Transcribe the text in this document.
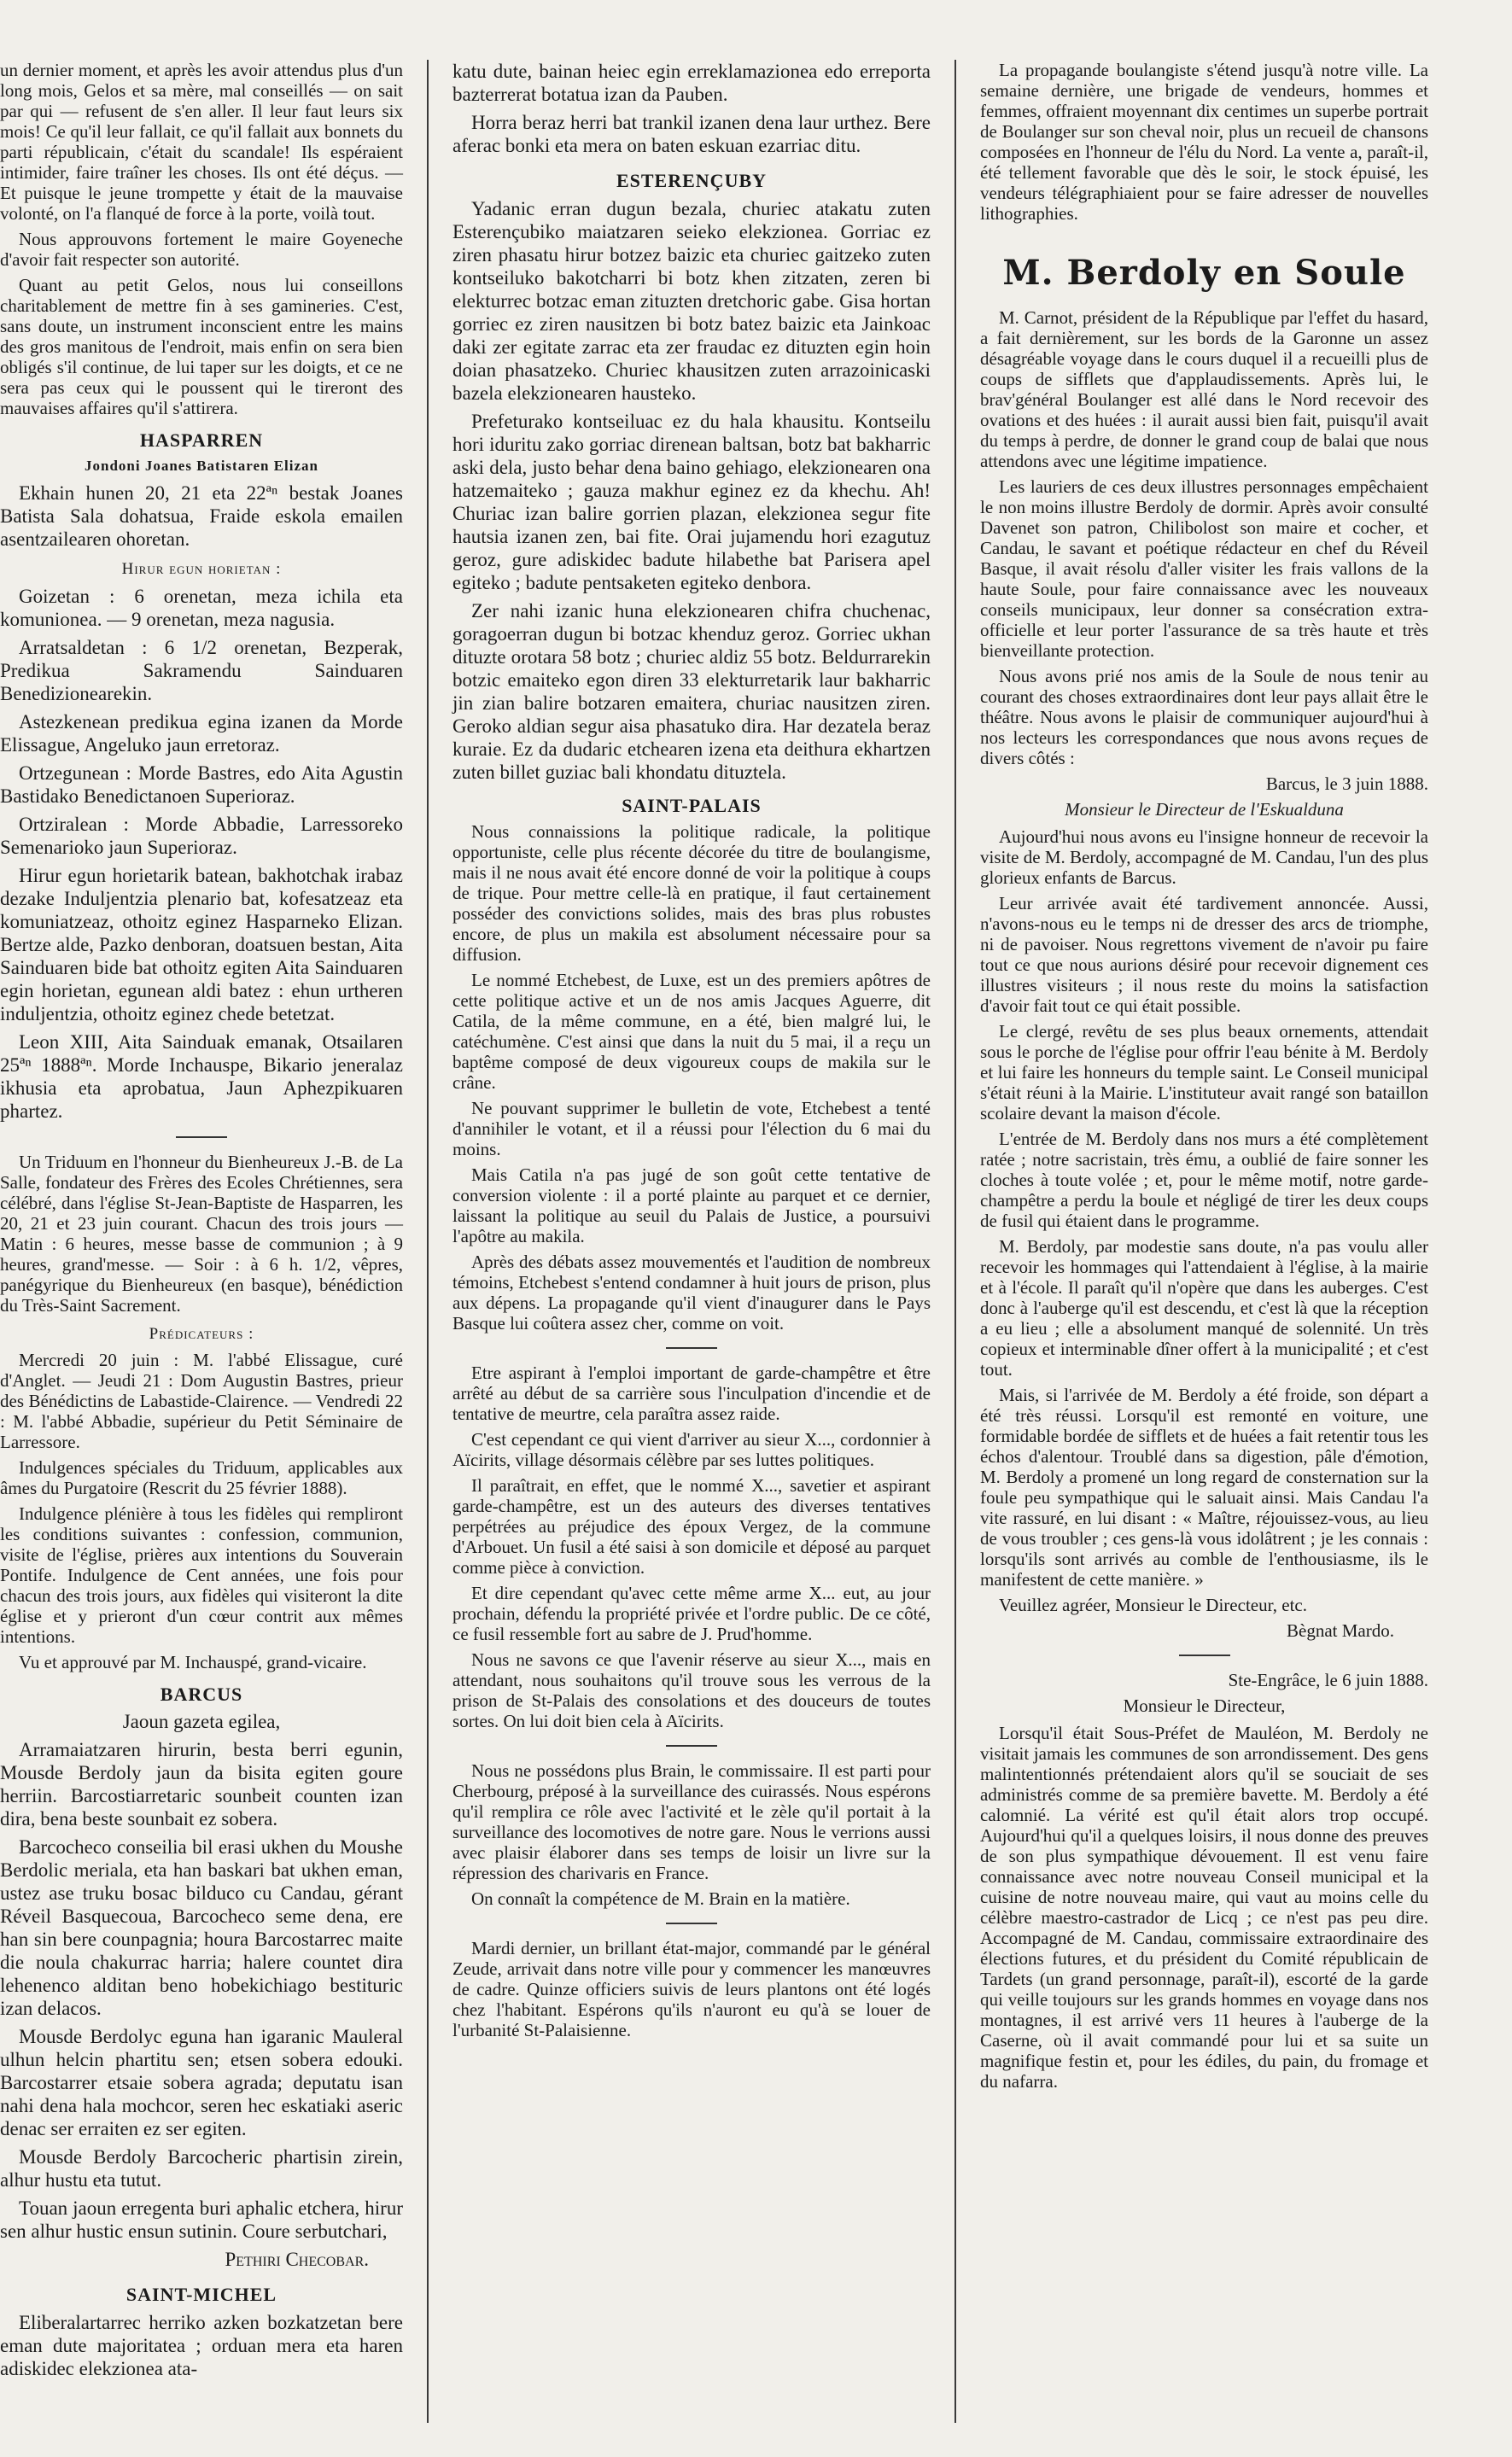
un dernier moment, et après les avoir attendus plus d'un long mois, Gelos et sa mère, mal conseillés — on sait par qui — refusent de s'en aller. Il leur faut leurs six mois! Ce qu'il leur fallait, ce qu'il fallait aux bonnets du parti républicain, c'était du scandale! Ils espéraient intimider, faire traîner les choses. Ils ont été déçus. — Et puisque le jeune trompette y était de la mauvaise volonté, on l'a flanqué de force à la porte, voilà tout.

Nous approuvons fortement le maire Goyeneche d'avoir fait respecter son autorité.

Quant au petit Gelos, nous lui conseillons charitablement de mettre fin à ses gamineries. C'est, sans doute, un instrument inconscient entre les mains des gros manitous de l'endroit, mais enfin on sera bien obligés s'il continue, de lui taper sur les doigts, et ce ne sera pas ceux qui le poussent qui le tireront des mauvaises affaires qu'il s'attirera.

HASPARREN
Jondoni Joanes Batistaren Elizan

Ekhain hunen 20, 21 eta 22ªⁿ bestak Joanes Batista Sala dohatsua, Fraide eskola emailen asentzailearen ohoretan.

Hirur egun horietan :

Goizetan : 6 orenetan, meza ichila eta komunionea. — 9 orenetan, meza nagusia.

Arratsaldetan : 6 1/2 orenetan, Bezperak, Predikua Sakramendu Sainduaren Benedizionearekin.

Astezkenean predikua egina izanen da Morde Elissague, Angeluko jaun erretoraz.

Ortzegunean : Morde Bastres, edo Aita Agustin Bastidako Benedictanoen Superioraz.

Ortziralean : Morde Abbadie, Larressoreko Semenarioko jaun Superioraz.

Hirur egun horietarik batean, bakhotchak irabaz dezake Induljentzia plenario bat, kofesatzeaz eta komuniatzeaz, othoitz eginez Hasparneko Elizan. Bertze alde, Pazko denboran, doatsuen bestan, Aita Sainduaren bide bat othoitz egiten Aita Sainduaren egin horietan, egunean aldi batez : ehun urtheren induljentzia, othoitz eginez chede betetzat.

Leon XIII, Aita Sainduak emanak, Otsailaren 25ªⁿ 1888ªⁿ. Morde Inchauspe, Bikario jeneralaz ikhusia eta aprobatua, Jaun Aphezpikuaren phartez.

Un Triduum en l'honneur du Bienheureux J.-B. de La Salle, fondateur des Frères des Ecoles Chrétiennes, sera célébré, dans l'église St-Jean-Baptiste de Hasparren, les 20, 21 et 23 juin courant. Chacun des trois jours — Matin : 6 heures, messe basse de communion ; à 9 heures, grand'messe. — Soir : à 6 h. 1/2, vêpres, panégyrique du Bienheureux (en basque), bénédiction du Très-Saint Sacrement.

Prédicateurs :

Mercredi 20 juin : M. l'abbé Elissague, curé d'Anglet. — Jeudi 21 : Dom Augustin Bastres, prieur des Bénédictins de Labastide-Clairence. — Vendredi 22 : M. l'abbé Abbadie, supérieur du Petit Séminaire de Larressore.

Indulgences spéciales du Triduum, applicables aux âmes du Purgatoire (Rescrit du 25 février 1888).

Indulgence plénière à tous les fidèles qui rempliront les conditions suivantes : confession, communion, visite de l'église, prières aux intentions du Souverain Pontife. Indulgence de Cent années, une fois pour chacun des trois jours, aux fidèles qui visiteront la dite église et y prieront d'un cœur contrit aux mêmes intentions.

Vu et approuvé par M. Inchauspé, grand-vicaire.

BARCUS

Jaoun gazeta egilea,

Arramaiatzaren hirurin, besta berri egunin, Mousde Berdoly jaun da bisita egiten goure herriin. Barcostiarretaric sounbeit counten izan dira, bena beste sounbait ez sobera.

Barcocheco conseilia bil erasi ukhen du Moushe Berdolic meriala, eta han baskari bat ukhen eman, ustez ase truku bosac bilduco cu Candau, gérant Réveil Basquecoua, Barcocheco seme dena, ere han sin bere counpagnia; houra Barcostarrec maite die noula chakurrac harria; halere countet dira lehenenco alditan beno hobekichiago bestituric izan delacos.

Mousde Berdolyc eguna han igaranic Mauleral ulhun helcin phartitu sen; etsen sobera edouki. Barcostarrer etsaie sobera agrada; deputatu isan nahi dena hala mochcor, seren hec eskatiaki aseric denac ser erraiten ez ser egiten.

Mousde Berdoly Barcocheric phartisin zirein, alhur hustu eta tutut.

Touan jaoun erregenta buri aphalic etchera, hirur sen alhur hustic ensun sutinin. Coure serbutchari,

Pethiri Checobar.
SAINT-MICHEL

Eliberalartarrec herriko azken bozkatzetan bere eman dute majoritatea ; orduan mera eta haren adiskidec elekzionea ata-

katu dute, bainan heiec egin erreklamazionea edo erreporta bazterrerat botatua izan da Pauben.

Horra beraz herri bat trankil izanen dena laur urthez. Bere aferac bonki eta mera on baten eskuan ezarriac ditu.

ESTERENÇUBY

Yadanic erran dugun bezala, churiec atakatu zuten Esterençubiko maiatzaren seieko elekzionea. Gorriac ez ziren phasatu hirur botzez baizic eta churiec gaitzeko zuten kontseiluko bakotcharri bi botz khen zitzaten, zeren bi elekturrec botzac eman zituzten dretchoric gabe. Gisa hortan gorriec ez ziren nausitzen bi botz batez baizic eta Jainkoac daki zer egitate zarrac eta zer fraudac ez dituzten egin hoin doian phasatzeko. Churiec khausitzen zuten arrazoinicaski bazela elekzionearen hausteko.

Prefeturako kontseiluac ez du hala khausitu. Kontseilu hori iduritu zako gorriac direnean baltsan, botz bat bakharric aski dela, justo behar dena baino gehiago, elekzionearen ona hatzemaiteko ; gauza makhur eginez ez da khechu. Ah! Churiac izan balire gorrien plazan, elekzionea segur fite hautsia izanen zen, bai fite. Orai jujamendu hori ezagutuz geroz, gure adiskidec badute hilabethe bat Parisera apel egiteko ; badute pentsaketen egiteko denbora.

Zer nahi izanic huna elekzionearen chifra chuchenac, goragoerran dugun bi botzac khenduz geroz. Gorriec ukhan dituzte orotara 58 botz ; churiec aldiz 55 botz. Beldurrarekin botzic emaiteko egon diren 33 elekturretarik laur bakharric jin zian balire botzaren emaitera, churiac nausitzen ziren. Geroko aldian segur aisa phasatuko dira. Har dezatela beraz kuraie. Ez da dudaric etchearen izena eta deithura ekhartzen zuten billet guziac bali khondatu dituztela.

SAINT-PALAIS

Nous connaissions la politique radicale, la politique opportuniste, celle plus récente décorée du titre de boulangisme, mais il ne nous avait été encore donné de voir la politique à coups de trique. Pour mettre celle-là en pratique, il faut certainement posséder des convictions solides, mais des bras plus robustes encore, de plus un makila est absolument nécessaire pour sa diffusion.

Le nommé Etchebest, de Luxe, est un des premiers apôtres de cette politique active et un de nos amis Jacques Aguerre, dit Catila, de la même commune, en a été, bien malgré lui, le catéchumène. C'est ainsi que dans la nuit du 5 mai, il a reçu un baptême composé de deux vigoureux coups de makila sur le crâne.

Ne pouvant supprimer le bulletin de vote, Etchebest a tenté d'annihiler le votant, et il a réussi pour l'élection du 6 mai du moins.

Mais Catila n'a pas jugé de son goût cette tentative de conversion violente : il a porté plainte au parquet et ce dernier, laissant la politique au seuil du Palais de Justice, a poursuivi l'apôtre au makila.

Après des débats assez mouvementés et l'audition de nombreux témoins, Etchebest s'entend condamner à huit jours de prison, plus aux dépens. La propagande qu'il vient d'inaugurer dans le Pays Basque lui coûtera assez cher, comme on voit.

Etre aspirant à l'emploi important de garde-champêtre et être arrêté au début de sa carrière sous l'inculpation d'incendie et de tentative de meurtre, cela paraîtra assez raide.

C'est cependant ce qui vient d'arriver au sieur X..., cordonnier à Aïcirits, village désormais célèbre par ses luttes politiques.

Il paraîtrait, en effet, que le nommé X..., savetier et aspirant garde-champêtre, est un des auteurs des diverses tentatives perpétrées au préjudice des époux Vergez, de la commune d'Arbouet. Un fusil a été saisi à son domicile et déposé au parquet comme pièce à conviction.

Et dire cependant qu'avec cette même arme X... eut, au jour prochain, défendu la propriété privée et l'ordre public. De ce côté, ce fusil ressemble fort au sabre de J. Prud'homme.

Nous ne savons ce que l'avenir réserve au sieur X..., mais en attendant, nous souhaitons qu'il trouve sous les verrous de la prison de St-Palais des consolations et des douceurs de toutes sortes. On lui doit bien cela à Aïcirits.

Nous ne possédons plus Brain, le commissaire. Il est parti pour Cherbourg, préposé à la surveillance des cuirassés. Nous espérons qu'il remplira ce rôle avec l'activité et le zèle qu'il portait à la surveillance des locomotives de notre gare. Nous le verrions aussi avec plaisir élaborer dans ses temps de loisir un livre sur la répression des charivaris en France.

On connaît la compétence de M. Brain en la matière.

Mardi dernier, un brillant état-major, commandé par le général Zeude, arrivait dans notre ville pour y commencer les manœuvres de cadre. Quinze officiers suivis de leurs plantons ont été logés chez l'habitant. Espérons qu'ils n'auront eu qu'à se louer de l'urbanité St-Palaisienne.

La propagande boulangiste s'étend jusqu'à notre ville. La semaine dernière, une brigade de vendeurs, hommes et femmes, offraient moyennant dix centimes un superbe portrait de Boulanger sur son cheval noir, plus un recueil de chansons composées en l'honneur de l'élu du Nord. La vente a, paraît-il, été tellement favorable que dès le soir, le stock épuisé, les vendeurs télégraphiaient pour se faire adresser de nouvelles lithographies.

M. Berdoly en Soule

M. Carnot, président de la République par l'effet du hasard, a fait dernièrement, sur les bords de la Garonne un assez désagréable voyage dans le cours duquel il a recueilli plus de coups de sifflets que d'applaudissements. Après lui, le brav'général Boulanger est allé dans le Nord recevoir des ovations et des huées : il aurait aussi bien fait, puisqu'il avait du temps à perdre, de donner le grand coup de balai que nous attendons avec une légitime impatience.

Les lauriers de ces deux illustres personnages empêchaient le non moins illustre Berdoly de dormir. Après avoir consulté Davenet son patron, Chilibolost son maire et cocher, et Candau, le savant et poétique rédacteur en chef du Réveil Basque, il avait résolu d'aller visiter les frais vallons de la haute Soule, pour faire connaissance avec les nouveaux conseils municipaux, leur donner sa consécration extra-officielle et leur porter l'assurance de sa très haute et très bienveillante protection.

Nous avons prié nos amis de la Soule de nous tenir au courant des choses extraordinaires dont leur pays allait être le théâtre. Nous avons le plaisir de communiquer aujourd'hui à nos lecteurs les correspondances que nous avons reçues de divers côtés :

Barcus, le 3 juin 1888.
Monsieur le Directeur de l'Eskualduna

Aujourd'hui nous avons eu l'insigne honneur de recevoir la visite de M. Berdoly, accompagné de M. Candau, l'un des plus glorieux enfants de Barcus.

Leur arrivée avait été tardivement annoncée. Aussi, n'avons-nous eu le temps ni de dresser des arcs de triomphe, ni de pavoiser. Nous regrettons vivement de n'avoir pu faire tout ce que nous aurions désiré pour recevoir dignement ces illustres visiteurs ; il nous reste du moins la satisfaction d'avoir fait tout ce qui était possible.

Le clergé, revêtu de ses plus beaux ornements, attendait sous le porche de l'église pour offrir l'eau bénite à M. Berdoly et lui faire les honneurs du temple saint. Le Conseil municipal s'était réuni à la Mairie. L'instituteur avait rangé son bataillon scolaire devant la maison d'école.

L'entrée de M. Berdoly dans nos murs a été complètement ratée ; notre sacristain, très ému, a oublié de faire sonner les cloches à toute volée ; et, pour le même motif, notre garde-champêtre a perdu la boule et négligé de tirer les deux coups de fusil qui étaient dans le programme.

M. Berdoly, par modestie sans doute, n'a pas voulu aller recevoir les hommages qui l'attendaient à l'église, à la mairie et à l'école. Il paraît qu'il n'opère que dans les auberges. C'est donc à l'auberge qu'il est descendu, et c'est là que la réception a eu lieu ; elle a absolument manqué de solennité. Un très copieux et interminable dîner offert à la municipalité ; et c'est tout.

Mais, si l'arrivée de M. Berdoly a été froide, son départ a été très réussi. Lorsqu'il est remonté en voiture, une formidable bordée de sifflets et de huées a fait retentir tous les échos d'alentour. Troublé dans sa digestion, pâle d'émotion, M. Berdoly a promené un long regard de consternation sur la foule peu sympathique qui le saluait ainsi. Mais Candau l'a vite rassuré, en lui disant : « Maître, réjouissez-vous, au lieu de vous troubler ; ces gens-là vous idolâtrent ; je les connais : lorsqu'ils sont arrivés au comble de l'enthousiasme, ils le manifestent de cette manière. »

Veuillez agréer, Monsieur le Directeur, etc.

Bègnat Mardo.
Ste-Engrâce, le 6 juin 1888.
Monsieur le Directeur,

Lorsqu'il était Sous-Préfet de Mauléon, M. Berdoly ne visitait jamais les communes de son arrondissement. Des gens malintentionnés prétendaient alors qu'il se souciait de ses administrés comme de sa première bavette. M. Berdoly a été calomnié. La vérité est qu'il était alors trop occupé. Aujourd'hui qu'il a quelques loisirs, il nous donne des preuves de son plus sympathique dévouement. Il est venu faire connaissance avec notre nouveau Conseil municipal et la cuisine de notre nouveau maire, qui vaut au moins celle du célèbre maestro-castrador de Licq ; ce n'est pas peu dire. Accompagné de M. Candau, commissaire extraordinaire des élections futures, et du président du Comité républicain de Tardets (un grand personnage, paraît-il), escorté de la garde qui veille toujours sur les grands hommes en voyage dans nos montagnes, il est arrivé vers 11 heures à l'auberge de la Caserne, où il avait commandé pour lui et sa suite un magnifique festin et, pour les édiles, du pain, du fromage et du nafarra.
